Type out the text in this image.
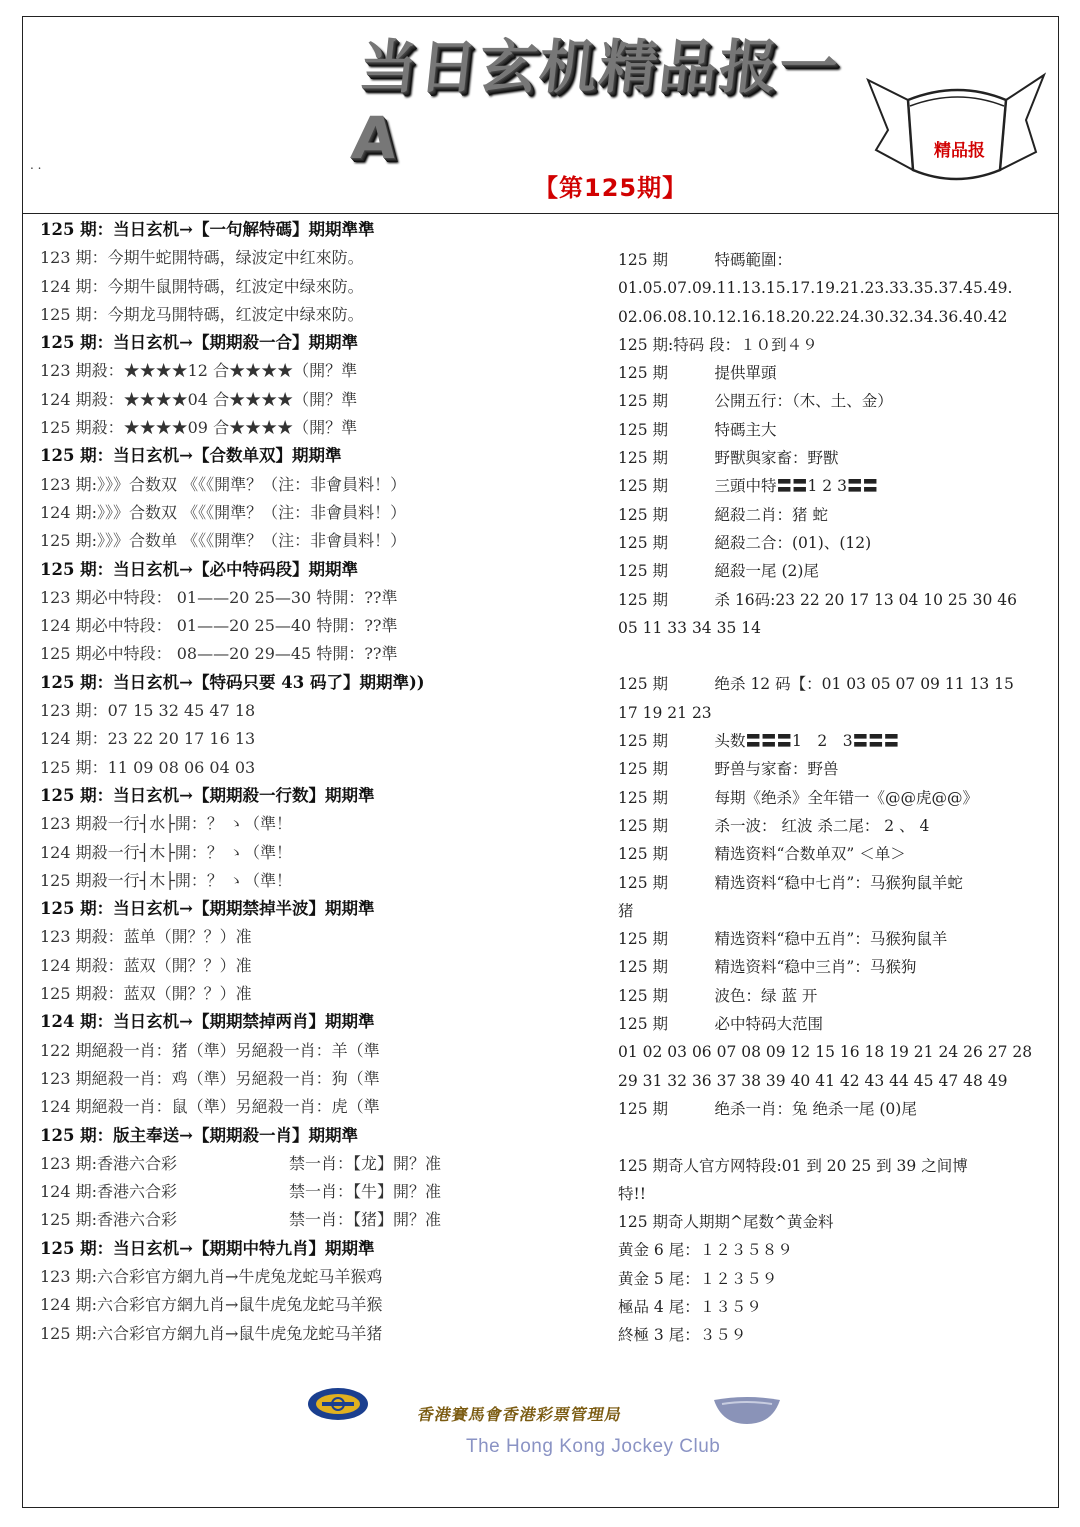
当日玄机精品报一A
. .
【第125期】
精品报
125 期：当日玄机→【一句解特碼】期期準準
123 期：今期牛蛇開特碼，绿波定中红來防。
124 期：今期牛鼠開特碼，红波定中绿來防。
125 期：今期龙马開特碼，红波定中绿來防。
125 期：当日玄机→【期期殺一合】期期準
123 期殺：★★★★12 合★★★★（開？準
124 期殺：★★★★04 合★★★★（開？準
125 期殺：★★★★09 合★★★★（開？準
125 期：当日玄机→【合数单双】期期準
123 期:》》》合数双 《《《開準？（注：非會員料！）
124 期:》》》合数双 《《《開準？（注：非會員料！）
125 期:》》》合数单 《《《開準？（注：非會員料！）
125 期：当日玄机→【必中特码段】期期準
123 期必中特段： 01——20 25—30 特開：??準
124 期必中特段： 01——20 25—40 特開：??準
125 期必中特段： 08——20 29—45 特開：??準
125 期：当日玄机→【特码只要 43 码了】期期準))
123 期：07 15 32 45 47 18
124 期：23 22 20 17 16 13
125 期：11 09 08 06 04 03
125 期：当日玄机→【期期殺一行数】期期準
123 期殺一行┤水├開：？ ゝ（準！
124 期殺一行┤木├開：？ ゝ（準！
125 期殺一行┤木├開：？ ゝ（準！
125 期：当日玄机→【期期禁掉半波】期期準
123 期殺：蓝单（開？？）准
124 期殺：蓝双（開？？）准
125 期殺：蓝双（開？？）准
124 期：当日玄机→【期期禁掉两肖】期期準
122 期絕殺一肖：猪（準）另絕殺一肖：羊（準
123 期絕殺一肖：鸡（準）另絕殺一肖：狗（準
124 期絕殺一肖：鼠（準）另絕殺一肖：虎（準
125 期：版主奉送→【期期殺一肖】期期準
123 期:香港六合彩　　　　　　　禁一肖：【龙】開？准
124 期:香港六合彩　　　　　　　禁一肖：【牛】開？准
125 期:香港六合彩　　　　　　　禁一肖：【猪】開？准
125 期：当日玄机→【期期中特九肖】期期準
123 期:六合彩官方網九肖→牛虎兔龙蛇马羊猴鸡
124 期:六合彩官方網九肖→鼠牛虎兔龙蛇马羊猴
125 期:六合彩官方網九肖→鼠牛虎兔龙蛇马羊猪
125 期　　　特碼範圍：
01.05.07.09.11.13.15.17.19.21.23.33.35.37.45.49.
02.06.08.10.12.16.18.20.22.24.30.32.34.36.40.42
125 期:特码 段：１０到４９
125 期　　　提供單頭
125 期　　　公開五行：（木、土、金）
125 期　　　特碼主大
125 期　　　野獸與家畜：野獸
125 期　　　三頭中特〓〓1 2 3〓〓
125 期　　　絕殺二肖：猪 蛇
125 期　　　絕殺二合：(01)、(12)
125 期　　　絕殺一尾 (2)尾
125 期　　　杀 16码:23 22 20 17 13 04 10 25 30 46
05 11 33 34 35 14
125 期　　　绝杀 12 码【：01 03 05 07 09 11 13 15
17 19 21 23
125 期　　　头数〓〓〓1　2　3〓〓〓
125 期　　　野兽与家畜：野兽
125 期　　　每期《绝杀》全年错一《@@虎@@》
125 期　　　杀一波： 红波 杀二尾： 2 、 4
125 期　　　精选资料“合数单双” ＜单＞
125 期　　　精选资料“稳中七肖”：马猴狗鼠羊蛇
猪
125 期　　　精选资料“稳中五肖”：马猴狗鼠羊
125 期　　　精选资料“稳中三肖”：马猴狗
125 期　　　波色：绿 蓝 开
125 期　　　必中特码大范围
01 02 03 06 07 08 09 12 15 16 18 19 21 24 26 27 28
29 31 32 36 37 38 39 40 41 42 43 44 45 47 48 49
125 期　　　绝杀一肖：兔 绝杀一尾 (0)尾
125 期奇人官方网特段:01 到 20 25 到 39 之间博
特!!
125 期奇人期期^尾数^黄金料
黄金 6 尾：１２３５８９
黄金 5 尾：１２３５９
極品 4 尾：１３５９
終極 3 尾：３５９
香港賽馬會香港彩票管理局
The Hong Kong Jockey Club
